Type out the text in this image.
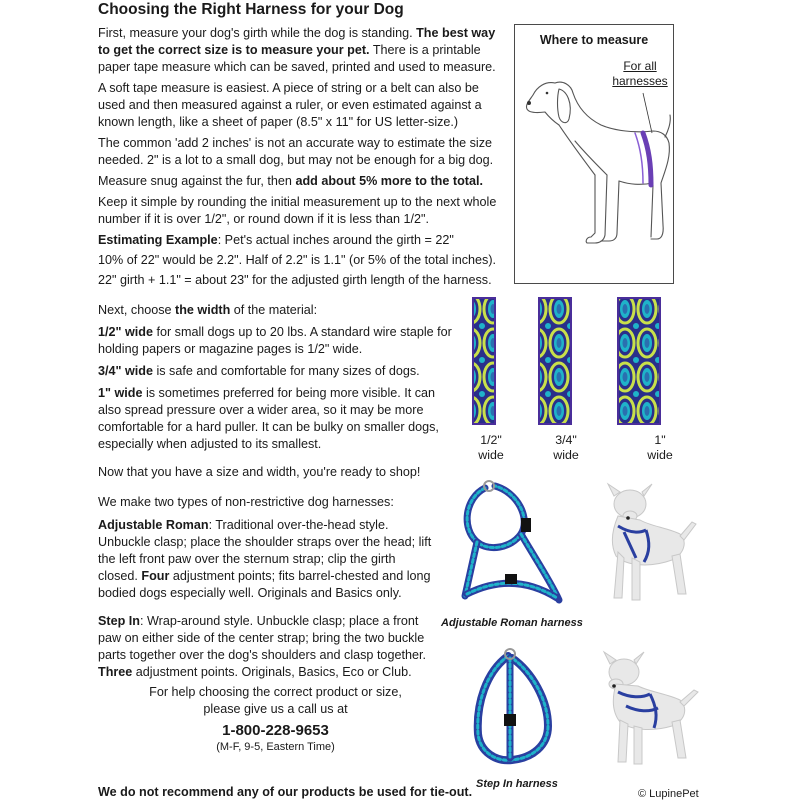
Choosing the Right Harness for your Dog

First, measure your dog's girth while the dog is standing. The best way to get the correct size is to measure your pet. There is a printable paper tape measure which can be saved, printed and used to measure.

A soft tape measure is easiest. A piece of string or a belt can also be used and then measured against a ruler, or even estimated against a known length, like a sheet of paper (8.5" x 11" for US letter-size.)

The common 'add 2 inches' is not an accurate way to estimate the size needed. 2" is a lot to a small dog, but may not be enough for a big dog.

Measure snug against the fur, then add about 5% more to the total.

Keep it simple by rounding the initial measurement up to the next whole number if it is over 1/2", or round down if it is less than 1/2".

Estimating Example: Pet's actual inches around the girth = 22"

10% of 22" would be 2.2". Half of 2.2" is 1.1" (or 5% of the total inches).

22" girth + 1.1" = about 23" for the adjusted girth length of the harness.

Where to measure
For all harnesses

Next, choose the width of the material:

1/2" wide for small dogs up to 20 lbs. A standard wire staple for holding papers or magazine pages is 1/2" wide.

3/4" wide is safe and comfortable for many sizes of dogs.

1" wide is sometimes preferred for being more visible. It can also spread pressure over a wider area, so it may be more comfortable for a hard puller. It can be bulky on smaller dogs, especially when adjusted to its smallest.

Now that you have a size and width, you're ready to shop!

1/2"
wide
3/4"
wide
1"
wide

We make two types of non-restrictive dog harnesses:

Adjustable Roman: Traditional over-the-head style. Unbuckle clasp; place the shoulder straps over the head; lift the left front paw over the sternum strap; clip the girth closed. Four adjustment points; fits barrel-chested and long bodied dogs especially well. Originals and Basics only.

Step In: Wrap-around style. Unbuckle clasp; place a front paw on either side of the center strap; bring the two buckle parts together over the dog's shoulders and clasp together. Three adjustment points. Originals, Basics, Eco or Club.

Adjustable Roman harness
Step In harness
For help choosing the correct product or size,
please give us a call us at
1-800-228-9653
(M-F, 9-5, Eastern Time)
We do not recommend any of our products be used for tie-out.	© LupinePet
